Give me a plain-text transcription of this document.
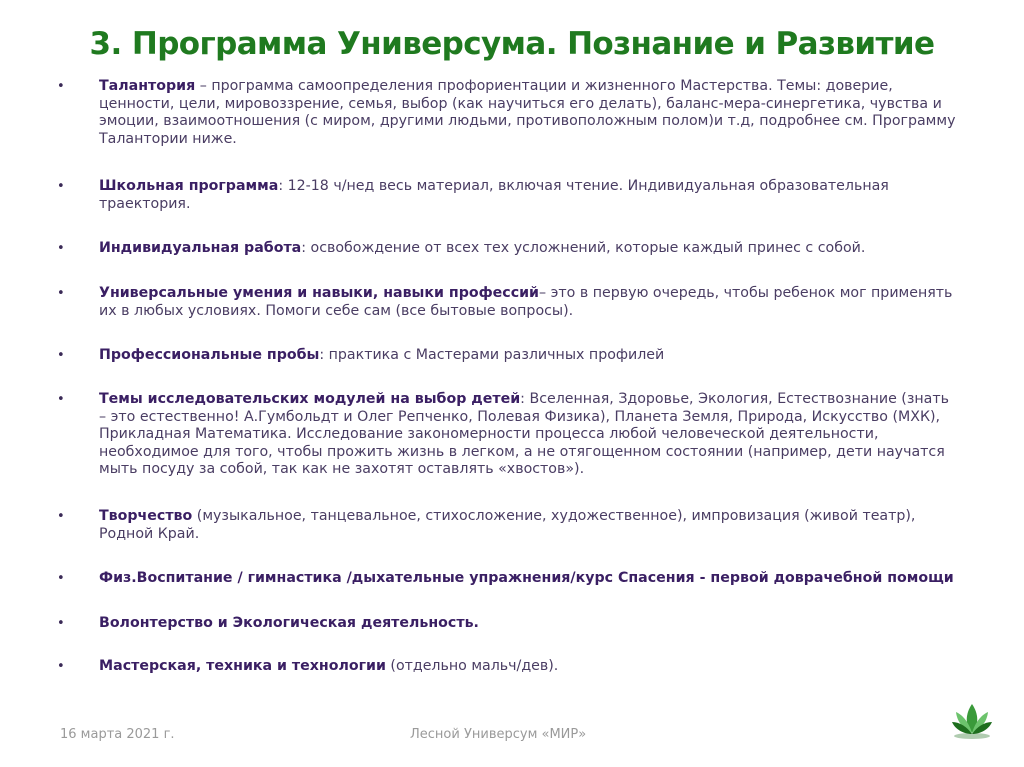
3. Программа Универсума. Познание и Развитие
• Талантория – программа самоопределения профориентации и жизненного Мастерства. Темы: доверие, ценности, цели, мировоззрение, семья, выбор (как научиться его делать), баланс-мера-синергетика, чувства и эмоции, взаимоотношения (с миром, другими людьми, противоположным полом)и т.д, подробнее см. Программу Талантории ниже.
• Школьная программа: 12-18 ч/нед весь материал, включая чтение. Индивидуальная образовательная траектория.
• Индивидуальная работа: освобождение от всех тех усложнений, которые каждый принес с собой.
• Универсальные умения и навыки, навыки профессий– это в первую очередь, чтобы ребенок мог применять их в любых условиях. Помоги себе сам (все бытовые вопросы).
• Профессиональные пробы: практика с Мастерами различных профилей
• Темы исследовательских модулей на выбор детей: Вселенная, Здоровье, Экология, Естествознание (знать – это естественно! А.Гумбольдт и Олег Репченко, Полевая Физика), Планета Земля, Природа, Искусство (МХК), Прикладная Математика. Исследование закономерности процесса любой человеческой деятельности, необходимое для того, чтобы прожить жизнь в легком, а не отягощенном состоянии (например, дети научатся мыть посуду за собой, так как не захотят оставлять «хвостов»).
• Творчество (музыкальное, танцевальное, стихосложение, художественное), импровизация (живой театр), Родной Край.
• Физ.Воспитание / гимнастика /дыхательные упражнения/курс Спасения - первой доврачебной помощи
• Волонтерство и Экологическая деятельность.
• Мастерская, техника и технологии (отдельно мальч/дев).
16 марта 2021 г.	Лесной Универсум «МИР»
